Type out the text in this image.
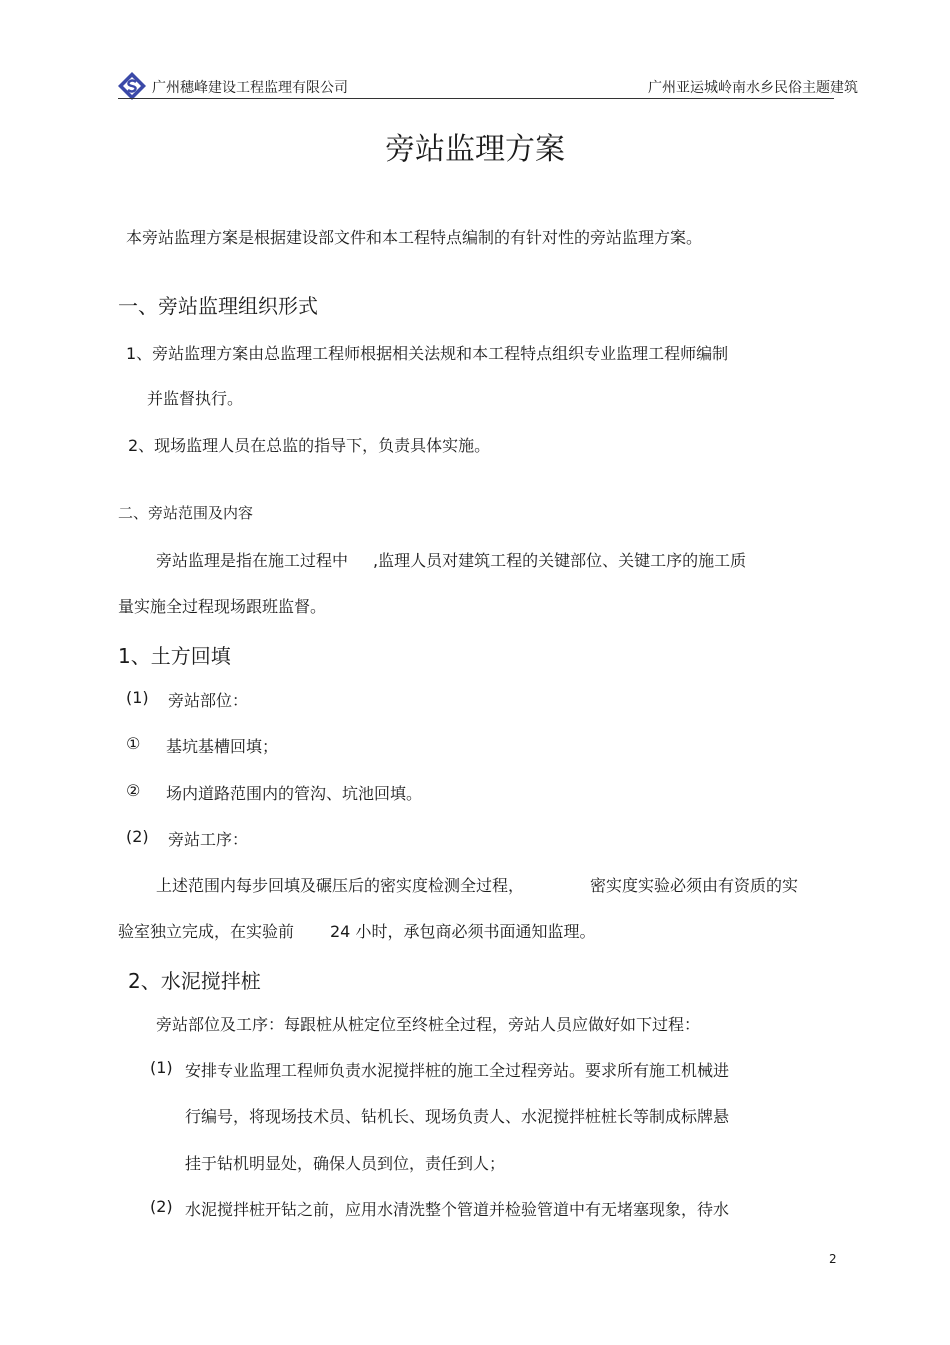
广州穗峰建设工程监理有限公司	广州亚运城岭南水乡民俗主题建筑
旁站监理方案
本旁站监理方案是根据建设部文件和本工程特点编制的有针对性的旁站监理方案。
一、旁站监理组织形式
1、旁站监理方案由总监理工程师根据相关法规和本工程特点组织专业监理工程师编制
并监督执行。
2、现场监理人员在总监的指导下，负责具体实施。
二、旁站范围及内容
旁站监理是指在施工过程中 ,监理人员对建筑工程的关键部位、关键工序的施工质
量实施全过程现场跟班监督。
1、土方回填
(1) 旁站部位：
① 基坑基槽回填；
② 场内道路范围内的管沟、坑池回填。
(2) 旁站工序：
上述范围内每步回填及碾压后的密实度检测全过程，	密实度实验必须由有资质的实
验室独立完成，在实验前 24 小时，承包商必须书面通知监理。
2、水泥搅拌桩
旁站部位及工序：每跟桩从桩定位至终桩全过程，旁站人员应做好如下过程：
(1) 安排专业监理工程师负责水泥搅拌桩的施工全过程旁站。要求所有施工机械进
行编号，将现场技术员、钻机长、现场负责人、水泥搅拌桩桩长等制成标牌悬
挂于钻机明显处，确保人员到位，责任到人；
(2) 水泥搅拌桩开钻之前，应用水清洗整个管道并检验管道中有无堵塞现象，待水
2
